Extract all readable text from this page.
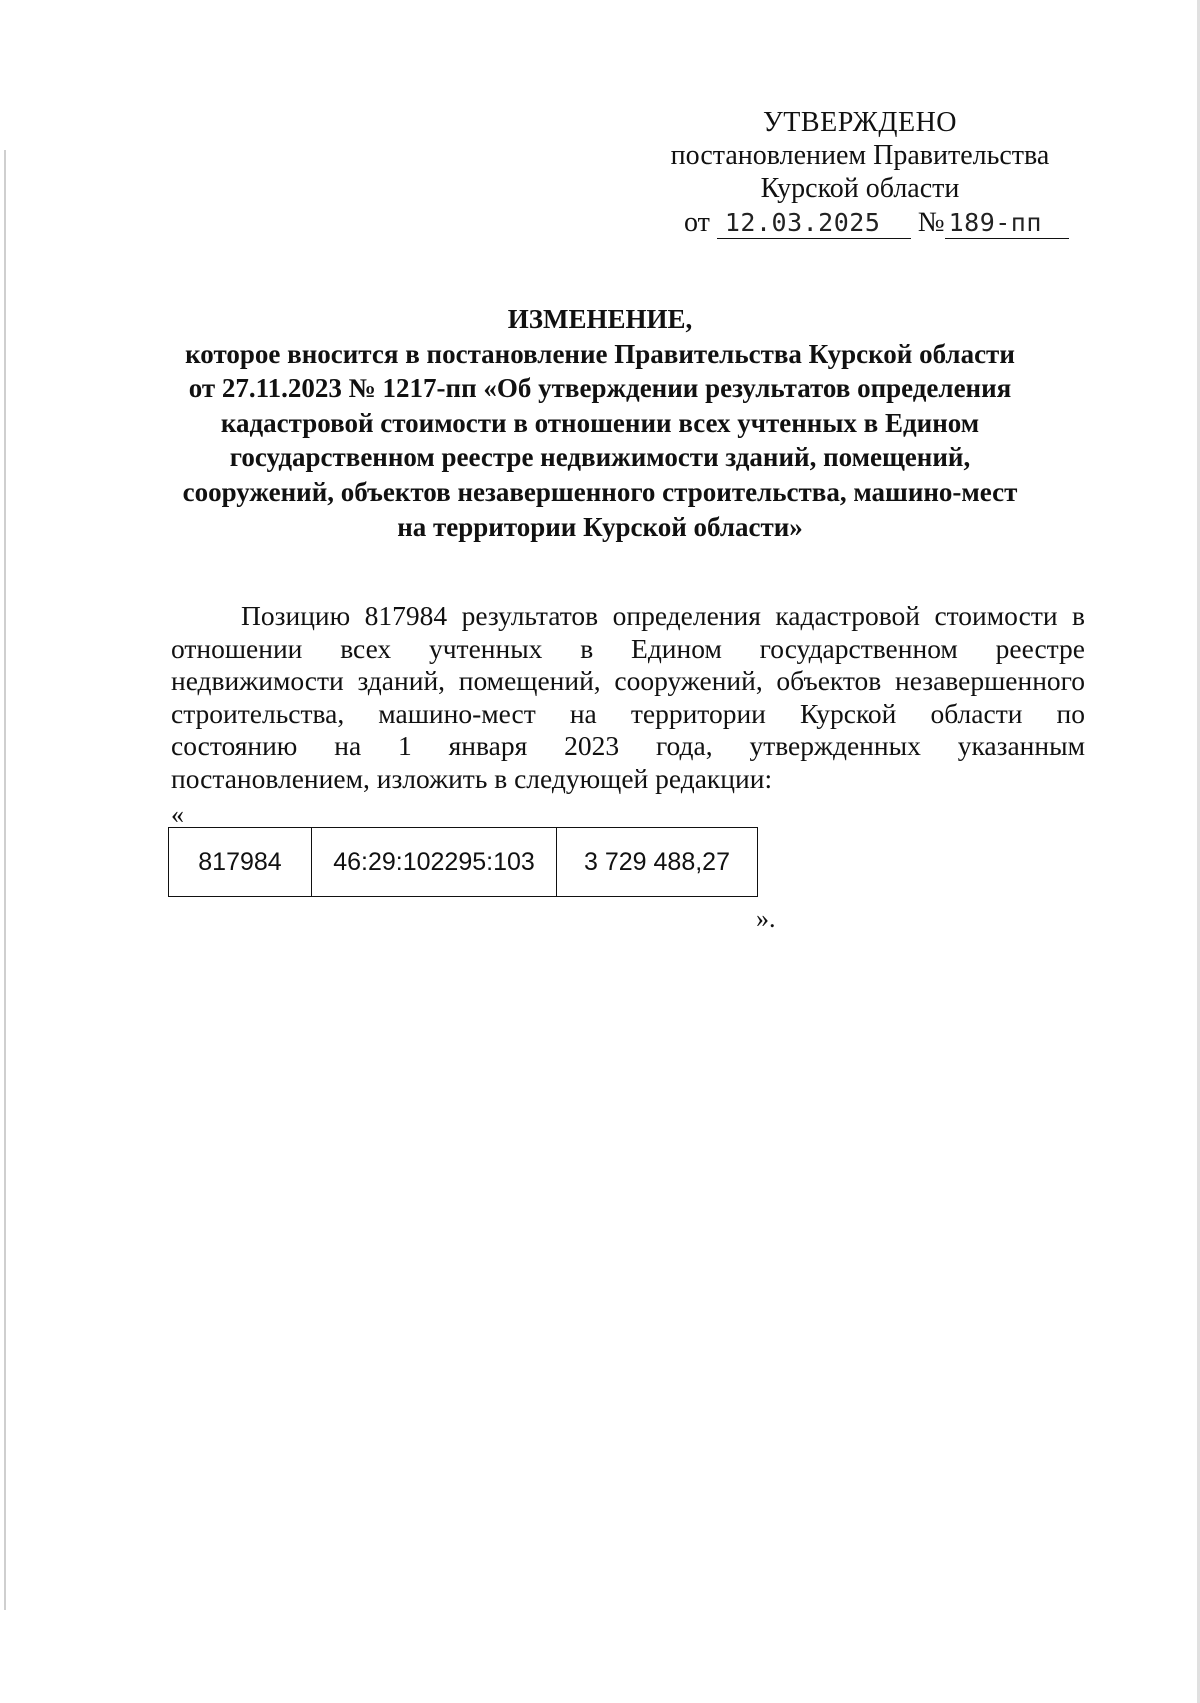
УТВЕРЖДЕНО
постановлением Правительства
Курской области
от 12.03.2025 № 189-пп
ИЗМЕНЕНИЕ,
которое вносится в постановление Правительства Курской области
от 27.11.2023 № 1217-пп «Об утверждении результатов определения
кадастровой стоимости в отношении всех учтенных в Едином
государственном реестре недвижимости зданий, помещений,
сооружений, объектов незавершенного строительства, машино-мест
на территории Курской области»
Позицию 817984 результатов определения кадастровой стоимости в
отношении всех учтенных в Едином государственном реестре
недвижимости зданий, помещений, сооружений, объектов незавершенного
строительства, машино-мест на территории Курской области по
состоянию на 1 января 2023 года, утвержденных указанным
постановлением, изложить в следующей редакции:
«
817984	46:29:102295:103	3 729 488,27
».
